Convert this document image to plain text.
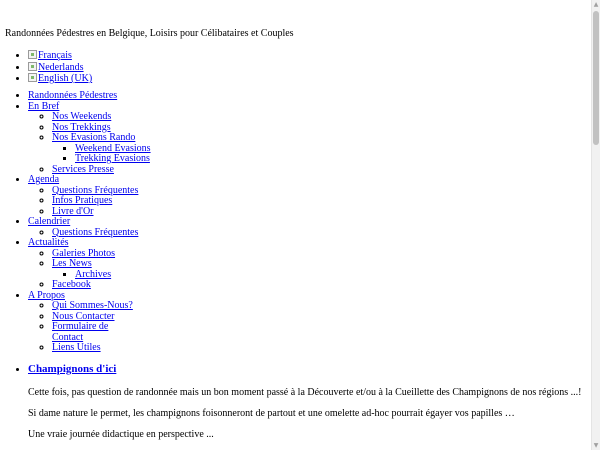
Randonnées Pédestres en Belgique, Loisirs pour Célibataires et Couples

• Français
• Nederlands
• English (UK)
• Randonnées Pédestres
• En Bref
◦ Nos Weekends
◦ Nos Trekkings
◦ Nos Evasions Rando
▪ Weekend Evasions
▪ Trekking Evasions
◦ Services Presse
• Agenda
◦ Questions Fréquentes
◦ Infos Pratiques
◦ Livre d'Or
• Calendrier
◦ Questions Fréquentes
• Actualités
◦ Galeries Photos
◦ Les News
▪ Archives
◦ Facebook
• A Propos
◦ Qui Sommes-Nous?
◦ Nous Contacter
◦ Formulaire de Contact
◦ Liens Utiles
• Champignons d'ici

Cette fois, pas question de randonnée mais un bon moment passé à la Découverte et/ou à la Cueillette des Champignons de nos régions ...!

Si dame nature le permet, les champignons foisonneront de partout et une omelette ad-hoc pourrait égayer vos papilles …

Une vraie journée didactique en perspective ...

▲
▼
